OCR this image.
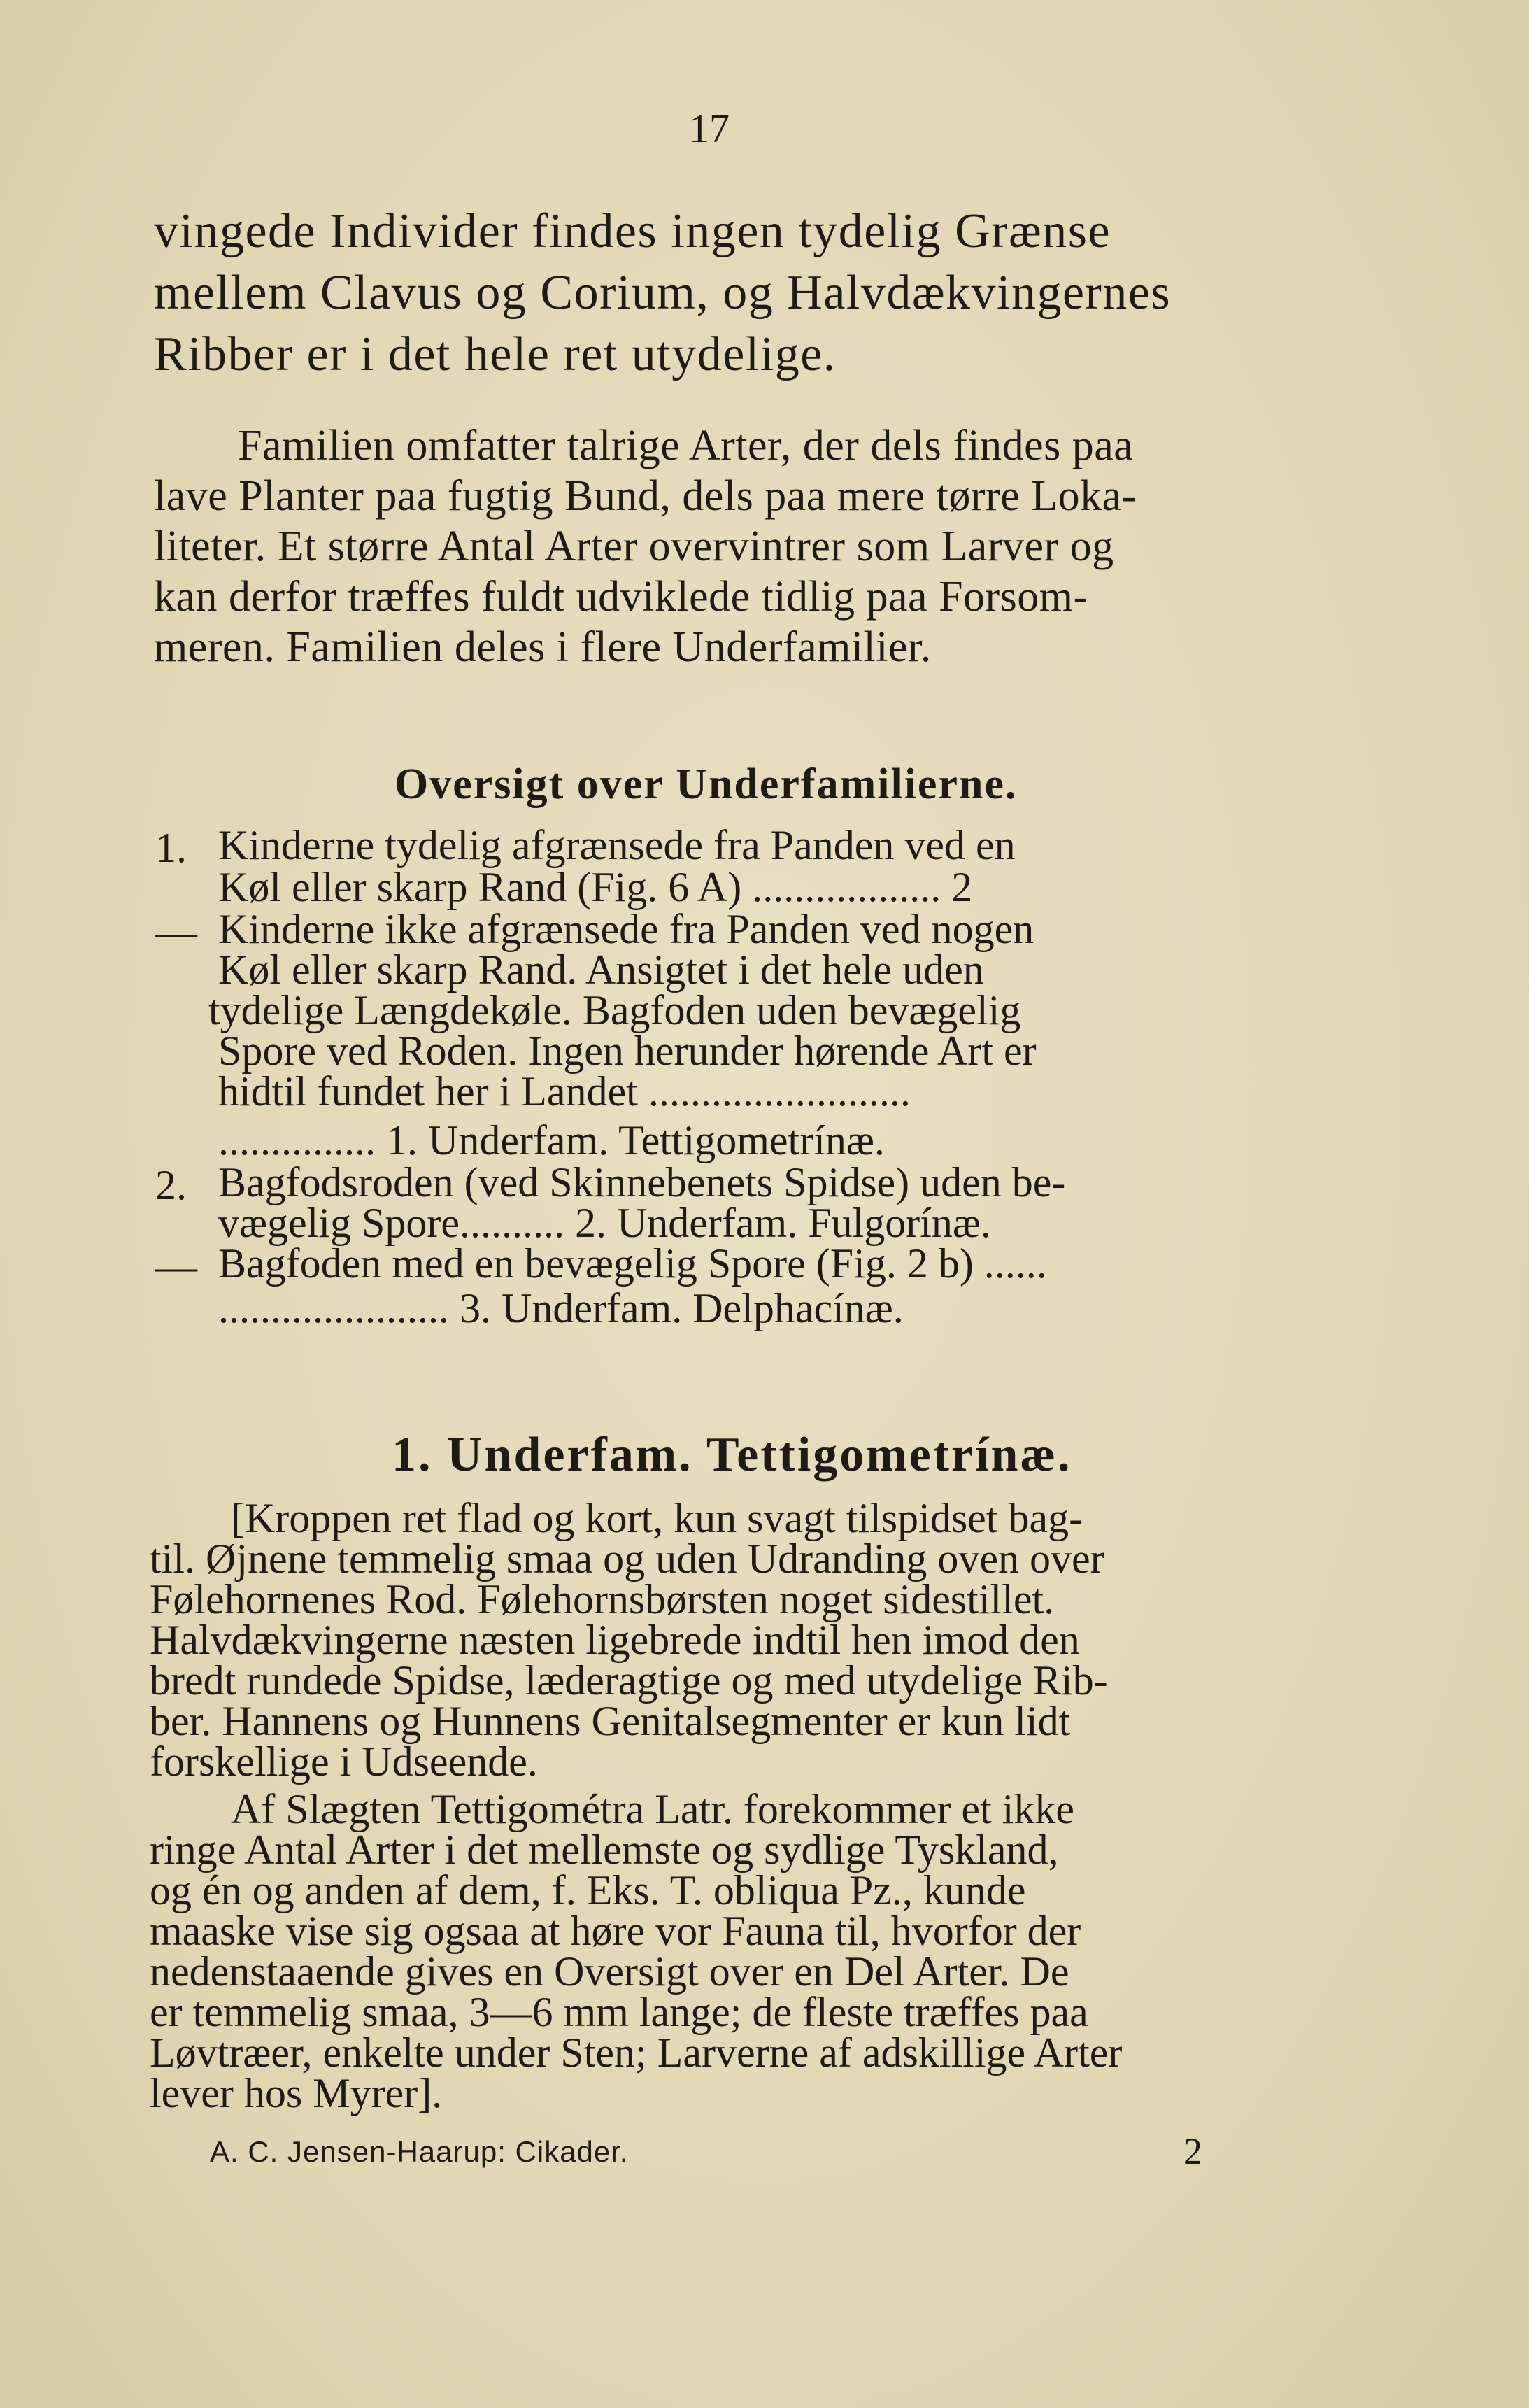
17
vingede Individer findes ingen tydelig Grænse
mellem Clavus og Corium, og Halvdækvingernes
Ribber er i det hele ret utydelige.
Familien omfatter talrige Arter, der dels findes paa
lave Planter paa fugtig Bund, dels paa mere tørre Loka-
liteter. Et større Antal Arter overvintrer som Larver og
kan derfor træffes fuldt udviklede tidlig paa Forsom-
meren. Familien deles i flere Underfamilier.
Oversigt over Underfamilierne.
1. Kinderne tydelig afgrænsede fra Panden ved en
Køl eller skarp Rand (Fig. 6 A) .................. 2
— Kinderne ikke afgrænsede fra Panden ved nogen
Køl eller skarp Rand. Ansigtet i det hele uden
tydelige Længdekøle. Bagfoden uden bevægelig
Spore ved Roden. Ingen herunder hørende Art er
hidtil fundet her i Landet .........................
............... 1. Underfam. Tettigometrínæ.
2. Bagfodsroden (ved Skinnebenets Spidse) uden be-
vægelig Spore.......... 2. Underfam. Fulgorínæ.
— Bagfoden med en bevægelig Spore (Fig. 2 b) ......
...................... 3. Underfam. Delphacínæ.
1. Underfam. Tettigometrínæ.
[Kroppen ret flad og kort, kun svagt tilspidset bag-
til. Øjnene temmelig smaa og uden Udranding oven over
Følehornenes Rod. Følehornsbørsten noget sidestillet.
Halvdækvingerne næsten ligebrede indtil hen imod den
bredt rundede Spidse, læderagtige og med utydelige Rib-
ber. Hannens og Hunnens Genitalsegmenter er kun lidt
forskellige i Udseende.
Af Slægten Tettigométra Latr. forekommer et ikke
ringe Antal Arter i det mellemste og sydlige Tyskland,
og én og anden af dem, f. Eks. T. obliqua Pz., kunde
maaske vise sig ogsaa at høre vor Fauna til, hvorfor der
nedenstaaende gives en Oversigt over en Del Arter. De
er temmelig smaa, 3—6 mm lange; de fleste træffes paa
Løvtræer, enkelte under Sten; Larverne af adskillige Arter
lever hos Myrer].
A. C. Jensen-Haarup: Cikader.	2
